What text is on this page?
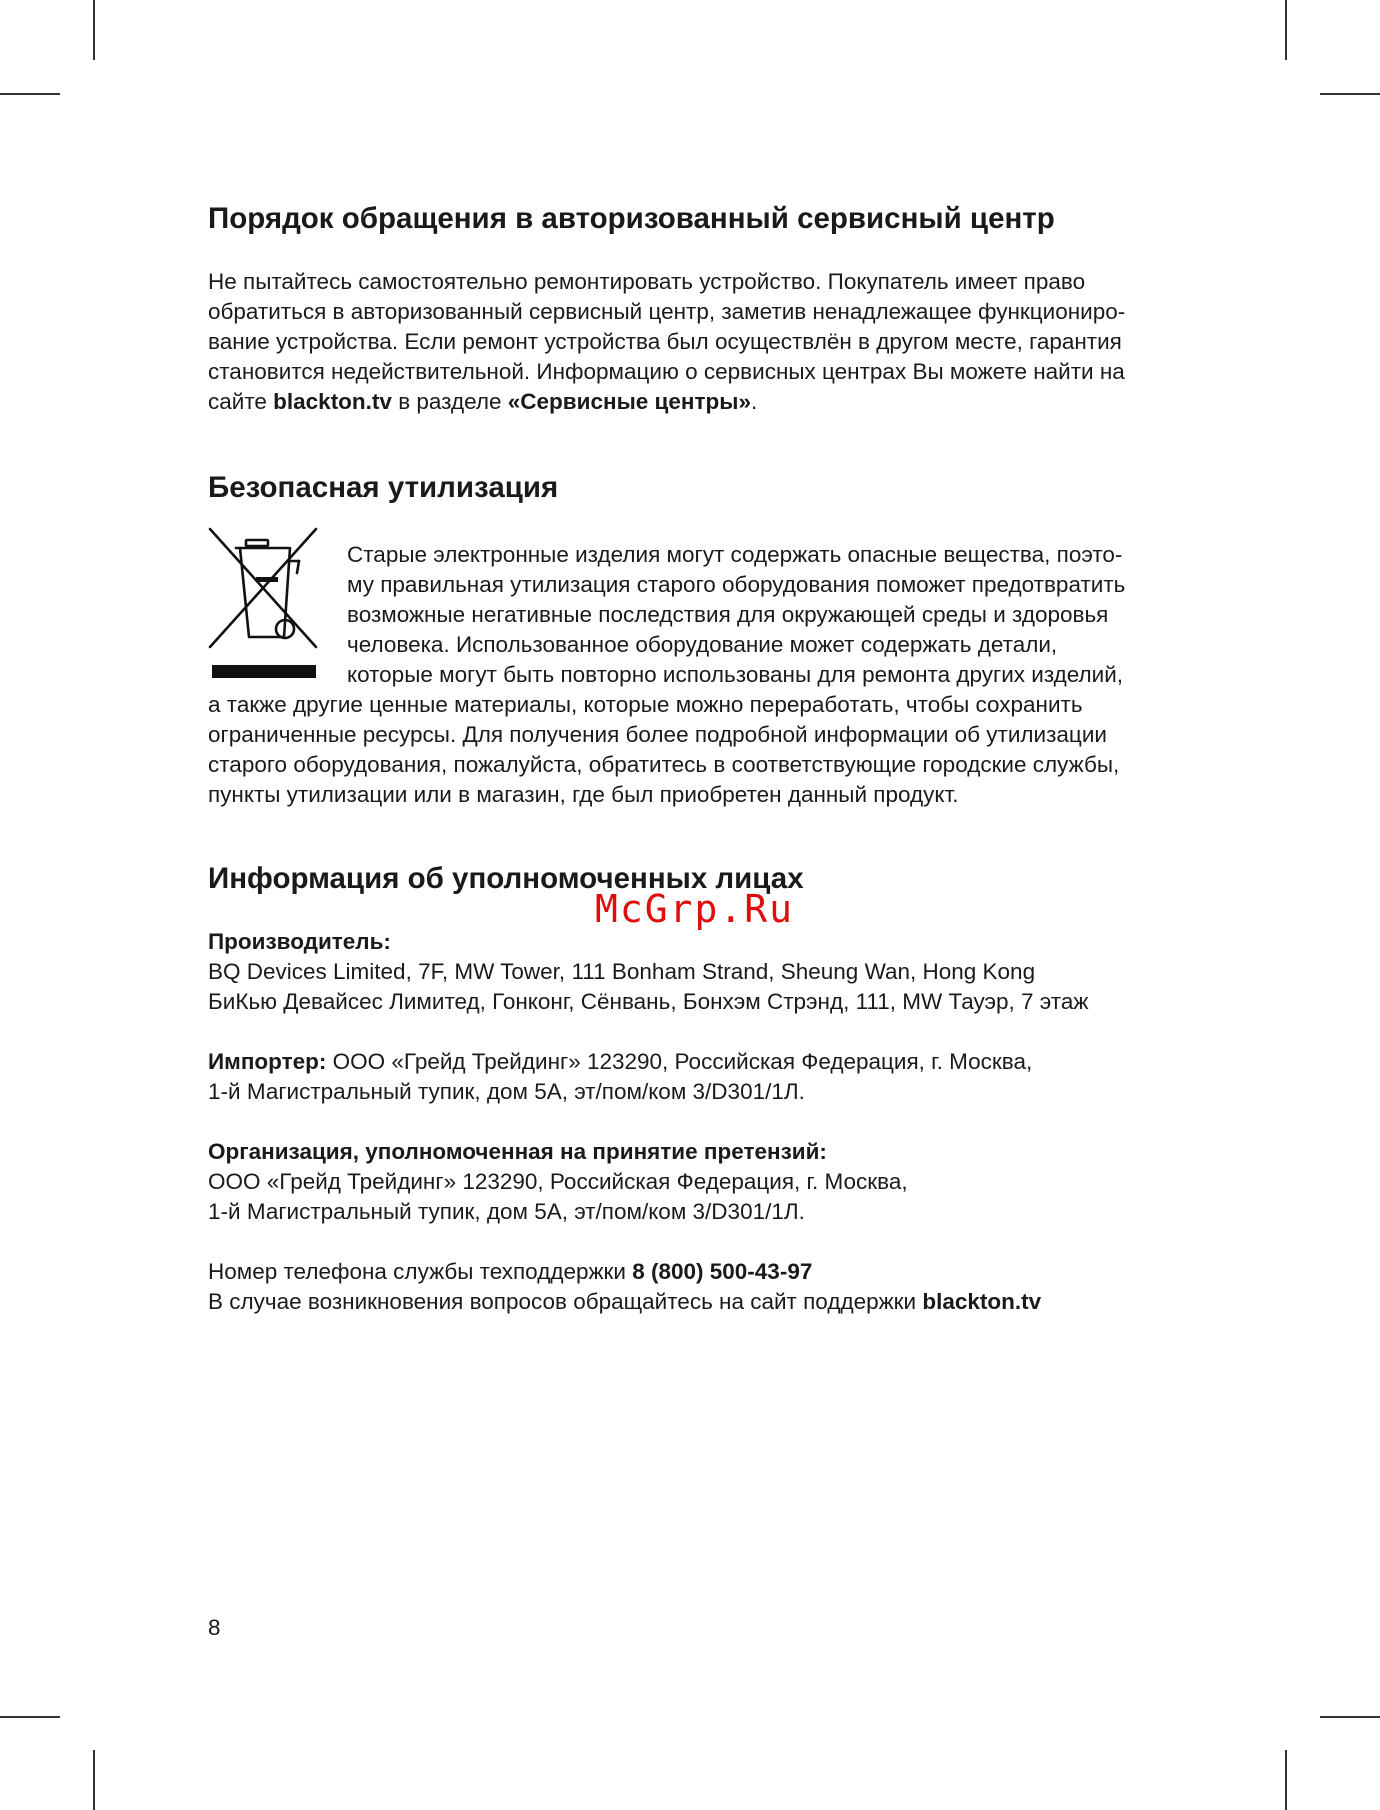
Порядок обращения в авторизованный сервисный центр
Не пытайтесь самостоятельно ремонтировать устройство. Покупатель имеет право
обратиться в авторизованный сервисный центр, заметив ненадлежащее функциониро-
вание устройства. Если ремонт устройства был осуществлён в другом месте, гарантия
становится недействительной. Информацию о сервисных центрах Вы можете найти на
сайте blackton.tv в разделе «Сервисные центры».
Безопасная утилизация
Старые электронные изделия могут содержать опасные вещества, поэто-
му правильная утилизация старого оборудования поможет предотвратить
возможные негативные последствия для окружающей среды и здоровья
человека. Использованное оборудование может содержать детали,
которые могут быть повторно использованы для ремонта других изделий,
а также другие ценные материалы, которые можно переработать, чтобы сохранить
ограниченные ресурсы. Для получения более подробной информации об утилизации
старого оборудования, пожалуйста, обратитесь в соответствующие городские службы,
пункты утилизации или в магазин, где был приобретен данный продукт.
Информация об уполномоченных лицах
Производитель:
BQ Devices Limited, 7F, MW Tower, 111 Bonham Strand, Sheung Wan, Hong Kong
БиКью Девайсес Лимитед, Гонконг, Сёнвань, Бонхэм Стрэнд, 111, MW Тауэр, 7 этаж
Импортер: ООО «Грейд Трейдинг» 123290, Российская Федерация, г. Москва,
1-й Магистральный тупик, дом 5А, эт/пом/ком 3/D301/1Л.
Организация, уполномоченная на принятие претензий:
ООО «Грейд Трейдинг» 123290, Российская Федерация, г. Москва,
1-й Магистральный тупик, дом 5А, эт/пом/ком 3/D301/1Л.
Номер телефона службы техподдержки 8 (800) 500-43-97
В случае возникновения вопросов обращайтесь на сайт поддержки blackton.tv

McGrp.Ru

8
